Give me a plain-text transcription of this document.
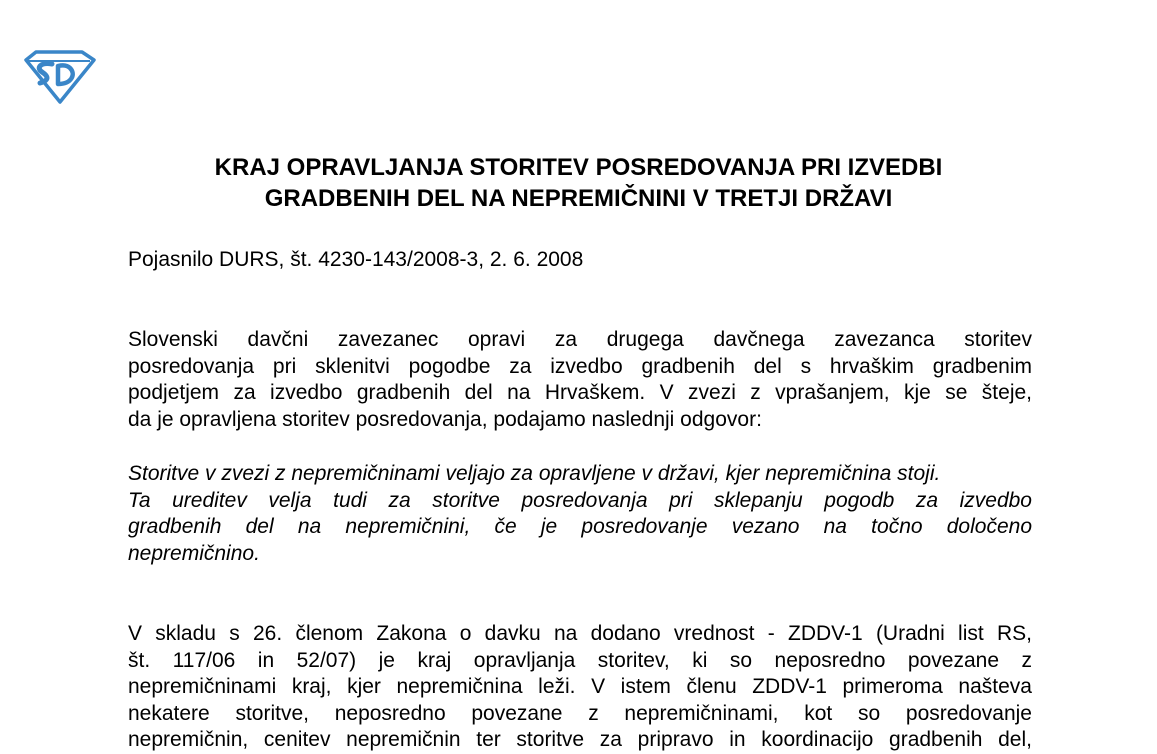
KRAJ OPRAVLJANJA STORITEV POSREDOVANJA PRI IZVEDBI
GRADBENIH DEL NA NEPREMIČNINI V TRETJI DRŽAVI
Pojasnilo DURS, št. 4230-143/2008-3, 2. 6. 2008
Slovenski davčni zavezanec opravi za drugega davčnega zavezanca storitev
posredovanja pri sklenitvi pogodbe za izvedbo gradbenih del s hrvaškim gradbenim
podjetjem za izvedbo gradbenih del na Hrvaškem. V zvezi z vprašanjem, kje se šteje,
da je opravljena storitev posredovanja, podajamo naslednji odgovor:
Storitve v zvezi z nepremičninami veljajo za opravljene v državi, kjer nepremičnina stoji.
Ta ureditev velja tudi za storitve posredovanja pri sklepanju pogodb za izvedbo
gradbenih del na nepremičnini, če je posredovanje vezano na točno določeno
nepremičnino.
V skladu s 26. členom Zakona o davku na dodano vrednost - ZDDV-1 (Uradni list RS,
št. 117/06 in 52/07) je kraj opravljanja storitev, ki so neposredno povezane z
nepremičninami kraj, kjer nepremičnina leži. V istem členu ZDDV-1 primeroma našteva
nekatere storitve, neposredno povezane z nepremičninami, kot so posredovanje
nepremičnin, cenitev nepremičnin ter storitve za pripravo in koordinacijo gradbenih del,
